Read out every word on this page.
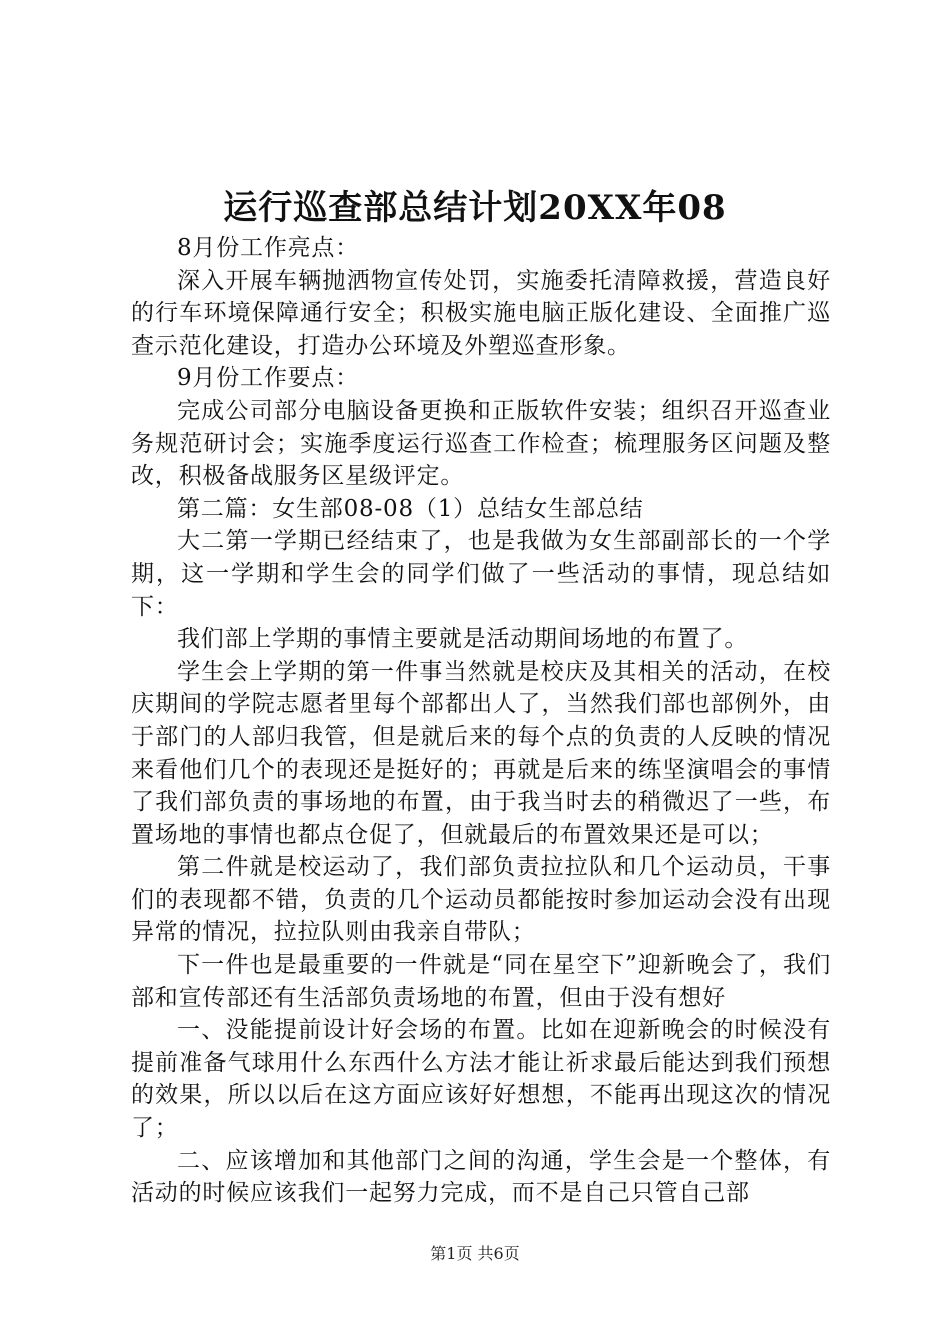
运行巡查部总结计划20XX年08

8月份工作亮点：

深入开展车辆抛洒物宣传处罚，实施委托清障救援，营造良好的行车环境保障通行安全；积极实施电脑正版化建设、全面推广巡查示范化建设，打造办公环境及外塑巡查形象。

9月份工作要点：

完成公司部分电脑设备更换和正版软件安装；组织召开巡查业务规范研讨会；实施季度运行巡查工作检查；梳理服务区问题及整改，积极备战服务区星级评定。

第二篇：女生部08-08（1）总结女生部总结

大二第一学期已经结束了，也是我做为女生部副部长的一个学期，这一学期和学生会的同学们做了一些活动的事情，现总结如下：

我们部上学期的事情主要就是活动期间场地的布置了。

学生会上学期的第一件事当然就是校庆及其相关的活动，在校庆期间的学院志愿者里每个部都出人了，当然我们部也部例外，由于部门的人部归我管，但是就后来的每个点的负责的人反映的情况来看他们几个的表现还是挺好的；再就是后来的练坚演唱会的事情了我们部负责的事场地的布置，由于我当时去的稍微迟了一些，布置场地的事情也都点仓促了，但就最后的布置效果还是可以；

第二件就是校运动了，我们部负责拉拉队和几个运动员，干事们的表现都不错，负责的几个运动员都能按时参加运动会没有出现异常的情况，拉拉队则由我亲自带队；

下一件也是最重要的一件就是“同在星空下”迎新晚会了，我们部和宣传部还有生活部负责场地的布置，但由于没有想好

一、没能提前设计好会场的布置。比如在迎新晚会的时候没有提前准备气球用什么东西什么方法才能让祈求最后能达到我们预想的效果，所以以后在这方面应该好好想想，不能再出现这次的情况了；

二、应该增加和其他部门之间的沟通，学生会是一个整体，有活动的时候应该我们一起努力完成，而不是自己只管自己部

第1页 共6页
